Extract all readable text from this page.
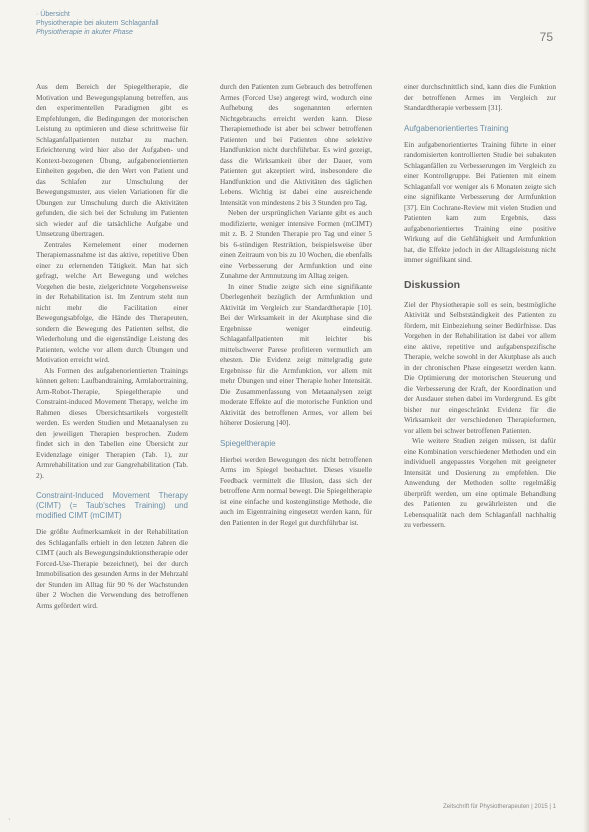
· Übersicht
Physiotherapie bei akutem Schlaganfall
Physiotherapie in akuter Phase	75

Aus dem Bereich der Spiegeltherapie, die Motivation und Bewegungsplanung betreffen, aus den experimentellen Paradigmen gibt es Empfehlungen, die Bedingungen der motorischen Leistung zu optimieren und diese schrittweise für Schlaganfallpatienten nutzbar zu machen. Erleichterung wird hier also der Aufgaben- und Kontext-bezogenen Übung, aufgabenorientierten Einheiten gegeben, die den Wert von Patient und das Schlafen zur Umschulung der Bewegungsmuster, aus vielen Variationen für die Übungen zur Umschulung durch die Aktivitäten gefunden, die sich bei der Schulung im Patienten sich wieder auf die tatsächliche Aufgabe und Umsetzung übertragen.

Zentrales Kernelement einer modernen Therapiemassnahme ist das aktive, repetitive Üben einer zu erlernenden Tätigkeit. Man hat sich gefragt, welche Art Bewegung und welches Vorgehen die beste, zielgerichtete Vorgehensweise in der Rehabilitation ist. Im Zentrum steht nun nicht mehr die Facilitation einer Bewegungsabfolge, die Hände des Therapeuten, sondern die Bewegung des Patienten selbst, die Wiederholung und die eigenständige Leistung des Patienten, welche vor allem durch Übungen und Motivation erreicht wird.

Als Formen des aufgabenorientierten Trainings können gelten: Laufbandtraining, Armlabortraining, Arm-Robot-Therapie, Spiegeltherapie und Constraint-induced Movement Therapy, welche im Rahmen dieses Übersichtsartikels vorgestellt werden. Es werden Studien und Metaanalysen zu den jeweiligen Therapien besprochen. Zudem findet sich in den Tabellen eine Übersicht zur Evidenzlage einiger Therapien (Tab. 1), zur Armrehabilitation und zur Gangrehabilitation (Tab. 2).

Constraint-Induced Movement Therapy (CIMT) (= Taub'sches Training) und modified CIMT (mCIMT)

Die größte Aufmerksamkeit in der Rehabilitation des Schlaganfalls erhielt in den letzten Jahren die CIMT (auch als Bewegungsinduktionstherapie oder Forced-Use-Therapie bezeichnet), bei der durch Immobilisation des gesunden Arms in der Mehrzahl der Stunden im Alltag für 90 % der Wachstunden über 2 Wochen die Verwendung des betroffenen Arms gefördert wird.

durch den Patienten zum Gebrauch des betroffenen Armes (Forced Use) angeregt wird, wodurch eine Aufhebung des sogenannten erlernten Nichtgebrauchs erreicht werden kann. Diese Therapiemethode ist aber bei schwer betroffenen Patienten und bei Patienten ohne selektive Handfunktion nicht durchführbar. Es wird gezeigt, dass die Wirksamkeit über der Dauer, vom Patienten gut akzeptiert wird, insbesondere die Handfunktion und die Aktivitäten des täglichen Lebens. Wichtig ist dabei eine ausreichende Intensität von mindestens 2 bis 3 Stunden pro Tag.

Neben der ursprünglichen Variante gibt es auch modifizierte, weniger intensive Formen (mCIMT) mit z. B. 2 Stunden Therapie pro Tag und einer 5 bis 6-stündigen Restriktion, beispielsweise über einen Zeitraum von bis zu 10 Wochen, die ebenfalls eine Verbesserung der Armfunktion und eine Zunahme der Armnutzung im Alltag zeigen.

In einer Studie zeigte sich eine signifikante Überlegenheit bezüglich der Armfunktion und Aktivität im Vergleich zur Standardtherapie [10]. Bei der Wirksamkeit in der Akutphase sind die Ergebnisse weniger eindeutig. Schlaganfallpatienten mit leichter bis mittelschwerer Parese profitieren vermutlich am ehesten. Die Evidenz zeigt mittelgradig gute Ergebnisse für die Armfunktion, vor allem mit mehr Übungen und einer Therapie hoher Intensität. Die Zusammenfassung von Metaanalysen zeigt moderate Effekte auf die motorische Funktion und Aktivität des betroffenen Armes, vor allem bei höherer Dosierung [40].

Spiegeltherapie

Hierbei werden Bewegungen des nicht betroffenen Arms im Spiegel beobachtet. Dieses visuelle Feedback vermittelt die Illusion, dass sich der betroffene Arm normal bewegt. Die Spiegeltherapie ist eine einfache und kostengünstige Methode, die auch im Eigentraining eingesetzt werden kann, für den Patienten in der Regel gut durchführbar ist.

einer durchschnittlich sind, kann dies die Funktion der betroffenen Armes im Vergleich zur Standardtherapie verbessern [31].

Aufgabenorientiertes Training

Ein aufgabenorientiertes Training führte in einer randomisierten kontrollierten Studie bei subakuten Schlaganfällen zu Verbesserungen im Vergleich zu einer Kontrollgruppe. Bei Patienten mit einem Schlaganfall vor weniger als 6 Monaten zeigte sich eine signifikante Verbesserung der Armfunktion [37]. Ein Cochrane-Review mit vielen Studien und Patienten kam zum Ergebnis, dass aufgabenorientiertes Training eine positive Wirkung auf die Gehfähigkeit und Armfunktion hat, die Effekte jedoch in der Alltagsleistung nicht immer signifikant sind.

Diskussion

Ziel der Physiotherapie soll es sein, bestmögliche Aktivität und Selbstständigkeit des Patienten zu fördern, mit Einbeziehung seiner Bedürfnisse. Das Vorgehen in der Rehabilitation ist dabei vor allem eine aktive, repetitive und aufgabenspezifische Therapie, welche sowohl in der Akutphase als auch in der chronischen Phase eingesetzt werden kann. Die Optimierung der motorischen Steuerung und die Verbesserung der Kraft, der Koordination und der Ausdauer stehen dabei im Vordergrund. Es gibt bisher nur eingeschränkt Evidenz für die Wirksamkeit der verschiedenen Therapieformen, vor allem bei schwer betroffenen Patienten.

Wie weitere Studien zeigen müssen, ist dafür eine Kombination verschiedener Methoden und ein individuell angepasstes Vorgehen mit geeigneter Intensität und Dosierung zu empfehlen. Die Anwendung der Methoden sollte regelmäßig überprüft werden, um eine optimale Behandlung des Patienten zu gewährleisten und die Lebensqualität nach dem Schlaganfall nachhaltig zu verbessern.

Zeitschrift für Physiotherapeuten | 2015 | 1
·
